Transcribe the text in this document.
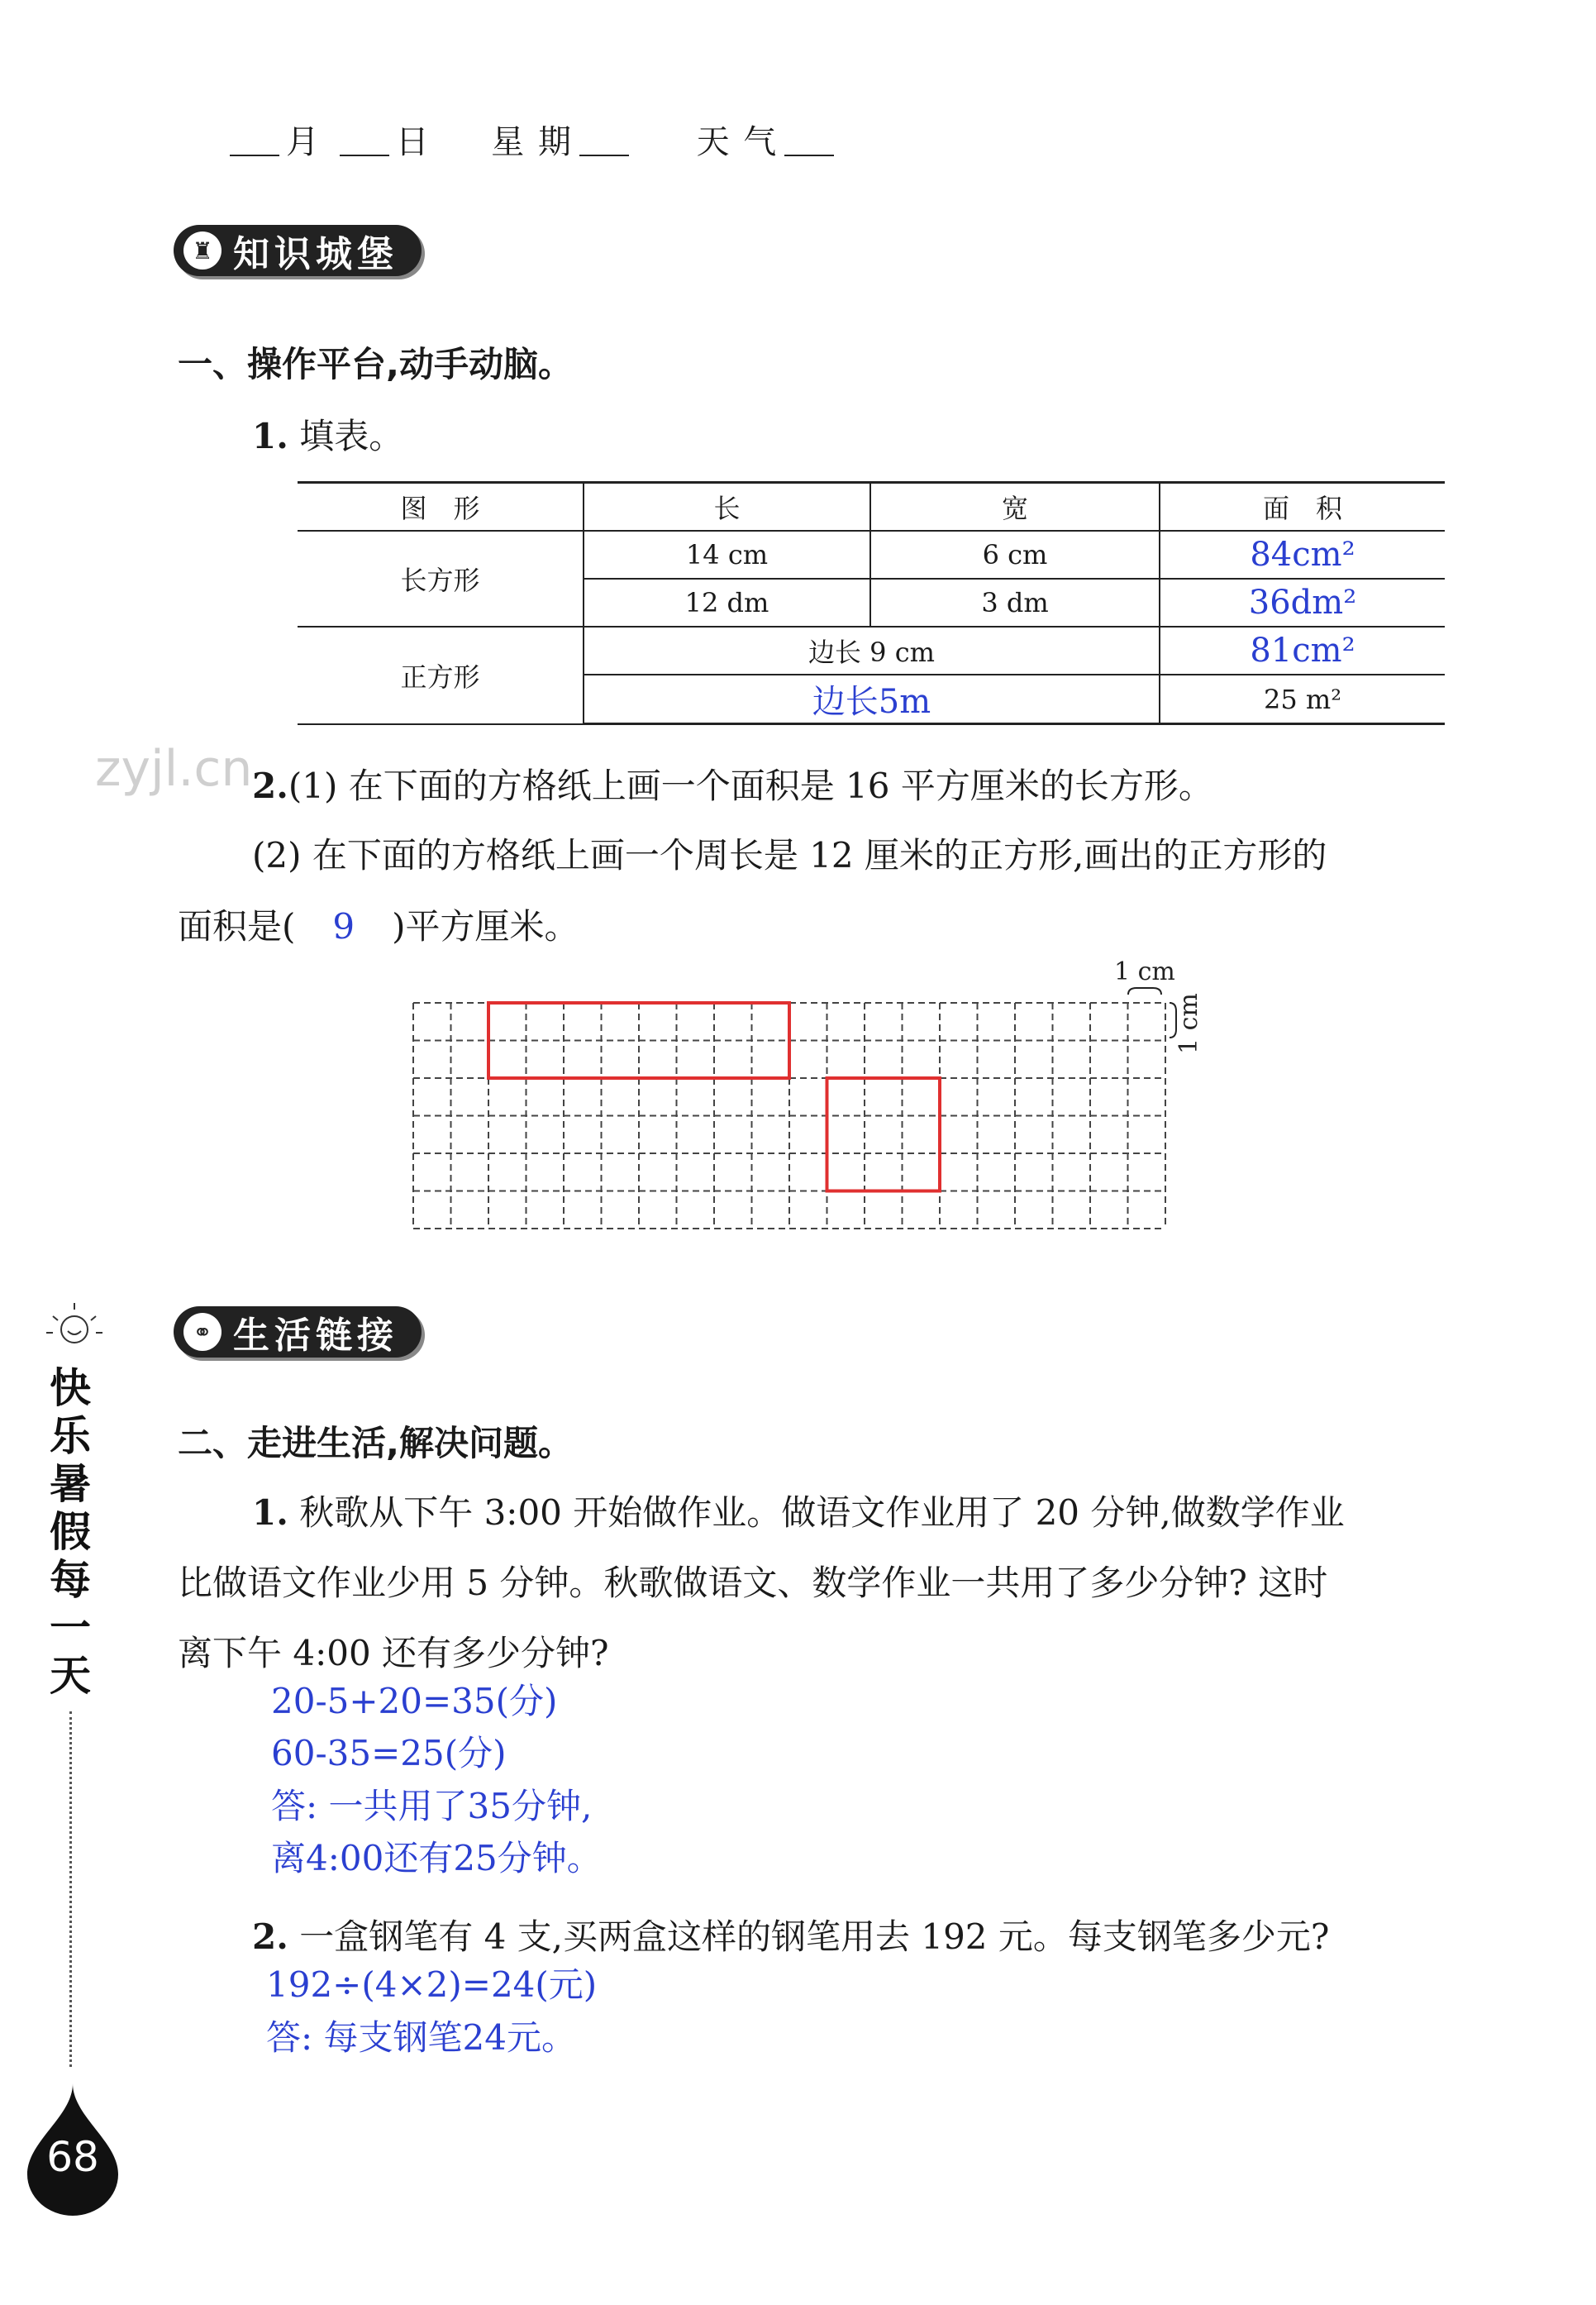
月 日 星 期	天 气
♜ 知识城堡
一、操作平台,动手动脑。
1. 填表。
图　形	长	宽	面　积
长方形	14 cm	6 cm	84cm²
	12 dm	3 dm	36dm²
正方形	边长 9 cm		81cm²
	边长5m		25 m²
zyjl.cn 2.(1) 在下面的方格纸上画一个面积是 16 平方厘米的长方形。
(2) 在下面的方格纸上画一个周长是 12 厘米的正方形,画出的正方形的
面积是( 9 )平方厘米。
1 cm
1 cm
⚭ 生活链接
二、走进生活,解决问题。
1. 秋歌从下午 3:00 开始做作业。做语文作业用了 20 分钟,做数学作业
比做语文作业少用 5 分钟。秋歌做语文、数学作业一共用了多少分钟? 这时
离下午 4:00 还有多少分钟?
20-5+20=35(分)
60-35=25(分)
答: 一共用了35分钟,
离4:00还有25分钟。
2. 一盒钢笔有 4 支,买两盒这样的钢笔用去 192 元。每支钢笔多少元?
192÷(4×2)=24(元)
答: 每支钢笔24元。
快
乐
暑
假
每
一
天
68
